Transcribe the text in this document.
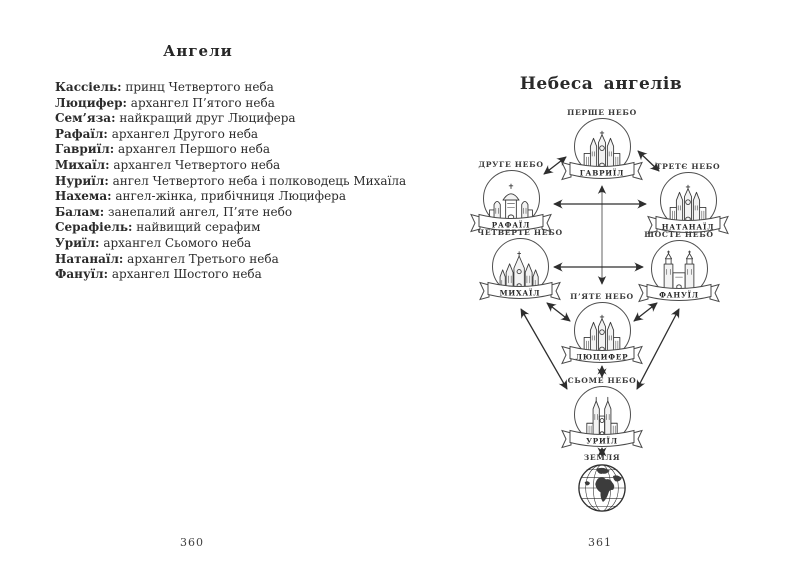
Ангели
Кассіель: принц Четвертого неба
Люцифер: архангел П’ятого неба
Сем’яза: найкращий друг Люцифера
Рафаїл: архангел Другого неба
Гавриїл: архангел Першого неба
Михаїл: архангел Четвертого неба
Нуриїл: ангел Четвертого неба і полководець Михаїла
Нахема: ангел-жінка, прибічниця Люцифера
Балам: занепалий ангел, П’яте небо
Серафіель: найвищий серафим
Уриїл: архангел Сьомого неба
Натанаїл: архангел Третього неба
Фануїл: архангел Шостого неба
360
Небеса ангелів
ПЕРШЕ НЕБО
ГАВРИЇЛ
ДРУГЕ НЕБО
РАФАЇЛ
ТРЕТЄ НЕБО
НАТАНАЇЛ
ЧЕТВЕРТЕ НЕБО
МИХАЇЛ
ШОСТЕ НЕБО
ФАНУЇЛ
П’ЯТЕ НЕБО
ЛЮЦИФЕР
СЬОМЕ НЕБО
УРИЇЛ
ЗЕМЛЯ
361
